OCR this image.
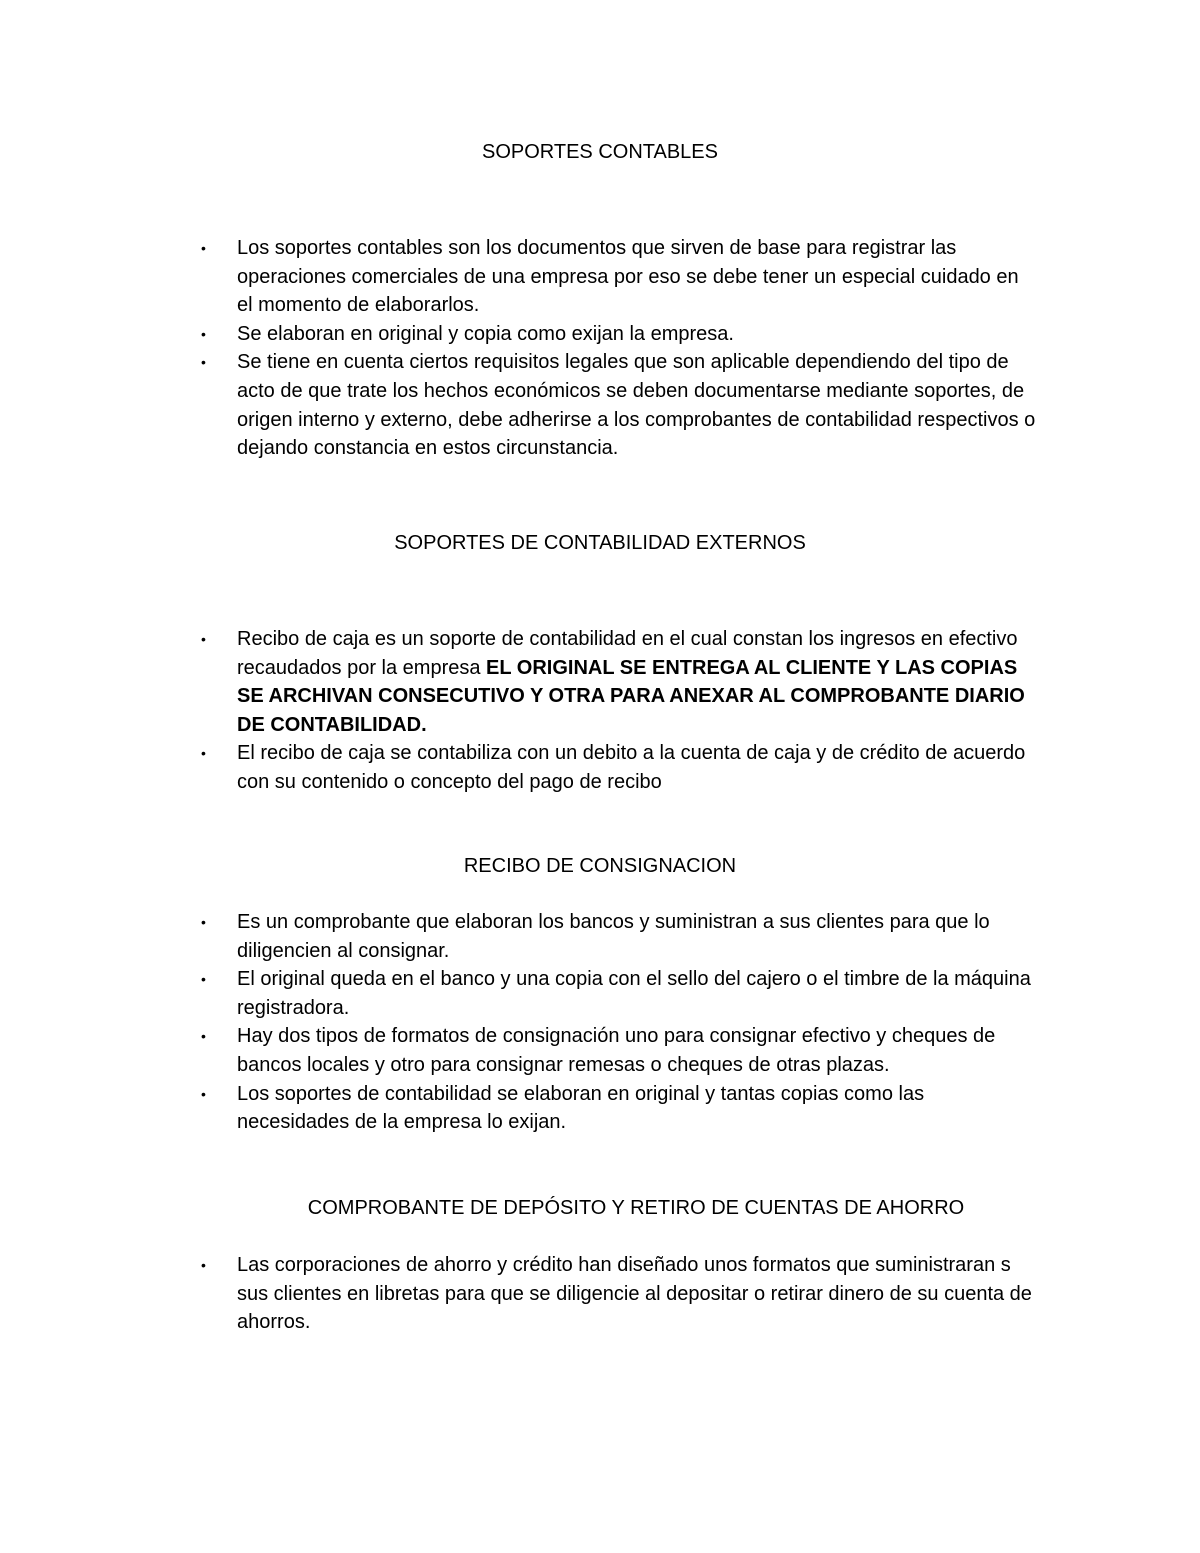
SOPORTES CONTABLES
• Los soportes contables son los documentos que sirven de base para registrar las operaciones comerciales de una empresa por eso se debe tener un especial cuidado en el momento de elaborarlos.
• Se elaboran en original y copia como exijan la empresa.
• Se tiene en cuenta ciertos requisitos legales que son aplicable dependiendo del tipo de acto de que trate los hechos económicos se deben documentarse mediante soportes, de origen interno y externo, debe adherirse a los comprobantes de contabilidad respectivos o dejando constancia en estos circunstancia.
SOPORTES DE CONTABILIDAD EXTERNOS
• Recibo de caja es un soporte de contabilidad en el cual constan los ingresos en efectivo recaudados por la empresa EL ORIGINAL SE ENTREGA AL CLIENTE Y LAS COPIAS SE ARCHIVAN CONSECUTIVO Y OTRA PARA ANEXAR AL COMPROBANTE DIARIO DE CONTABILIDAD.
• El recibo de caja se contabiliza con un debito a la cuenta de caja y de crédito de acuerdo con su contenido o concepto del pago de recibo
RECIBO DE CONSIGNACION
• Es un comprobante que elaboran los bancos y suministran a sus clientes para que lo diligencien al consignar.
• El original queda en el banco y una copia con el sello del cajero o el timbre de la máquina registradora.
• Hay dos tipos de formatos de consignación uno para consignar efectivo y cheques de bancos locales y otro para consignar remesas o cheques de otras plazas.
• Los soportes de contabilidad se elaboran en original y tantas copias como las necesidades de la empresa lo exijan.
COMPROBANTE DE DEPÓSITO Y RETIRO DE CUENTAS DE AHORRO
• Las corporaciones de ahorro y crédito han diseñado unos formatos que suministraran s sus clientes en libretas para que se diligencie al depositar o retirar dinero de su cuenta de ahorros.
